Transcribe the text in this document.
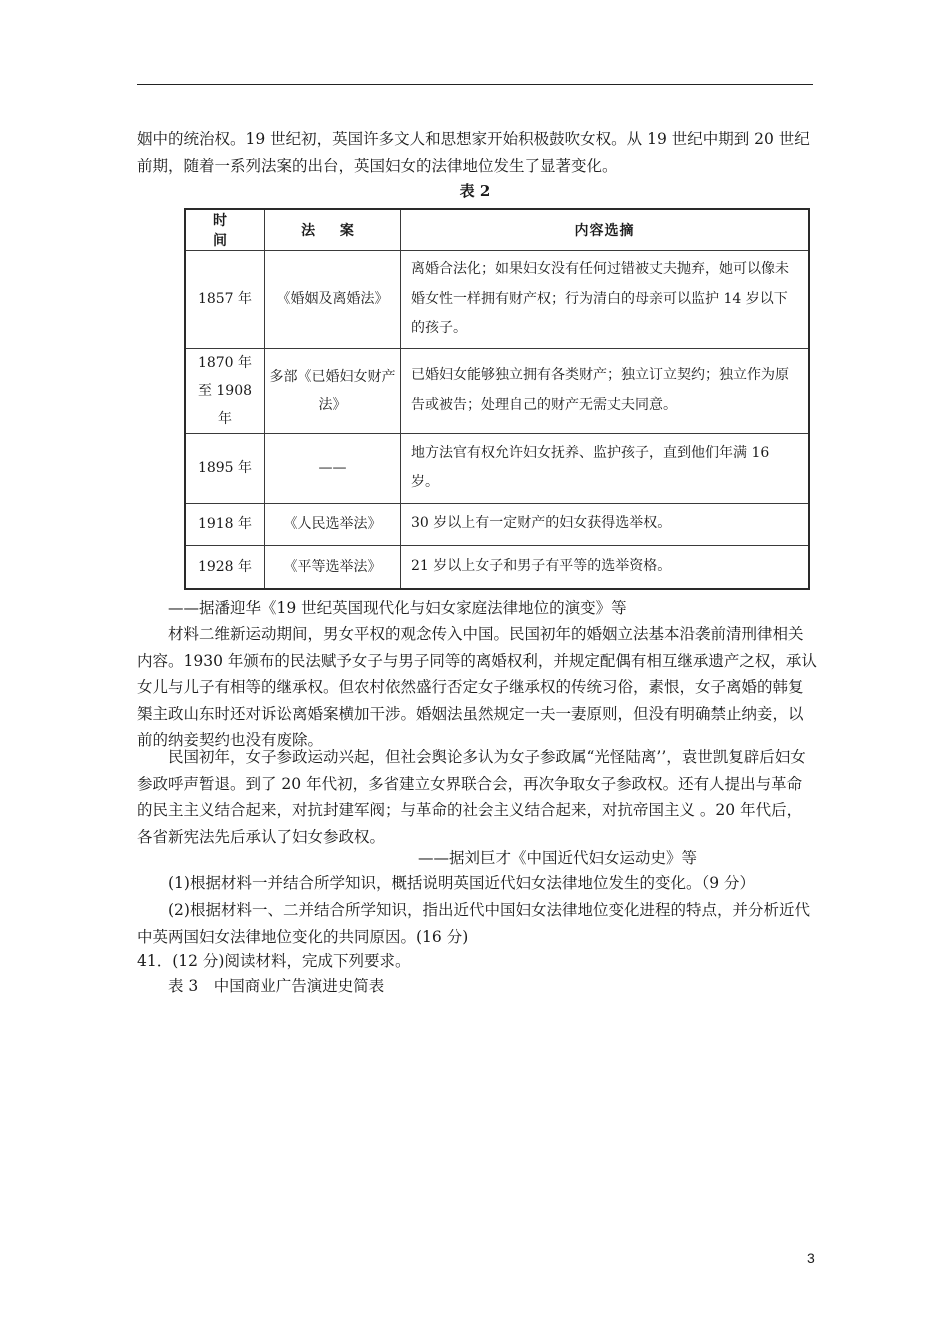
姻中的统治权。19 世纪初，英国许多文人和思想家开始积极鼓吹女权。从 19 世纪中期到 20 世纪前期，随着一系列法案的出台，英国妇女的法律地位发生了显著变化。

表 2
时 间	法 案	内容选摘
1857 年	《婚姻及离婚法》	离婚合法化；如果妇女没有任何过错被丈夫抛弃，她可以像未婚女性一样拥有财产权；行为清白的母亲可以监护 14 岁以下的孩子。
1870 年至 1908 年	多部《已婚妇女财产法》	已婚妇女能够独立拥有各类财产；独立订立契约；独立作为原告或被告；处理自己的财产无需丈夫同意。
1895 年	——	地方法官有权允许妇女抚养、监护孩子，直到他们年满 16 岁。
1918 年	《人民选举法》	30 岁以上有一定财产的妇女获得选举权。
1928 年	《平等选举法》	21 岁以上女子和男子有平等的选举资格。

——据潘迎华《19 世纪英国现代化与妇女家庭法律地位的演变》等

材料二维新运动期间，男女平权的观念传入中国。民国初年的婚姻立法基本沿袭前清刑律相关内容。1930 年颁布的民法赋予女子与男子同等的离婚权利，并规定配偶有相互继承遗产之权，承认女儿与儿子有相等的继承权。但农村依然盛行否定女子继承权的传统习俗，素恨，女子离婚的韩复榘主政山东时还对诉讼离婚案横加干涉。婚姻法虽然规定一夫一妻原则，但没有明确禁止纳妾，以前的纳妾契约也没有废除。

民国初年，女子参政运动兴起，但社会舆论多认为女子参政属“光怪陆离’’，袁世凯复辟后妇女参政呼声暂退。到了 20 年代初，多省建立女界联合会，再次争取女子参政权。还有人提出与革命的民主主义结合起来，对抗封建军阀；与革命的社会主义结合起来，对抗帝国主义 。20 年代后，各省新宪法先后承认了妇女参政权。

——据刘巨才《中国近代妇女运动史》等

(1)根据材料一并结合所学知识，概括说明英国近代妇女法律地位发生的变化。（9 分）

(2)根据材料一、二并结合所学知识，指出近代中国妇女法律地位变化进程的特点，并分析近代中英两国妇女法律地位变化的共同原因。(16 分)

41．(12 分)阅读材料，完成下列要求。

表 3　中国商业广告演进史简表

3
